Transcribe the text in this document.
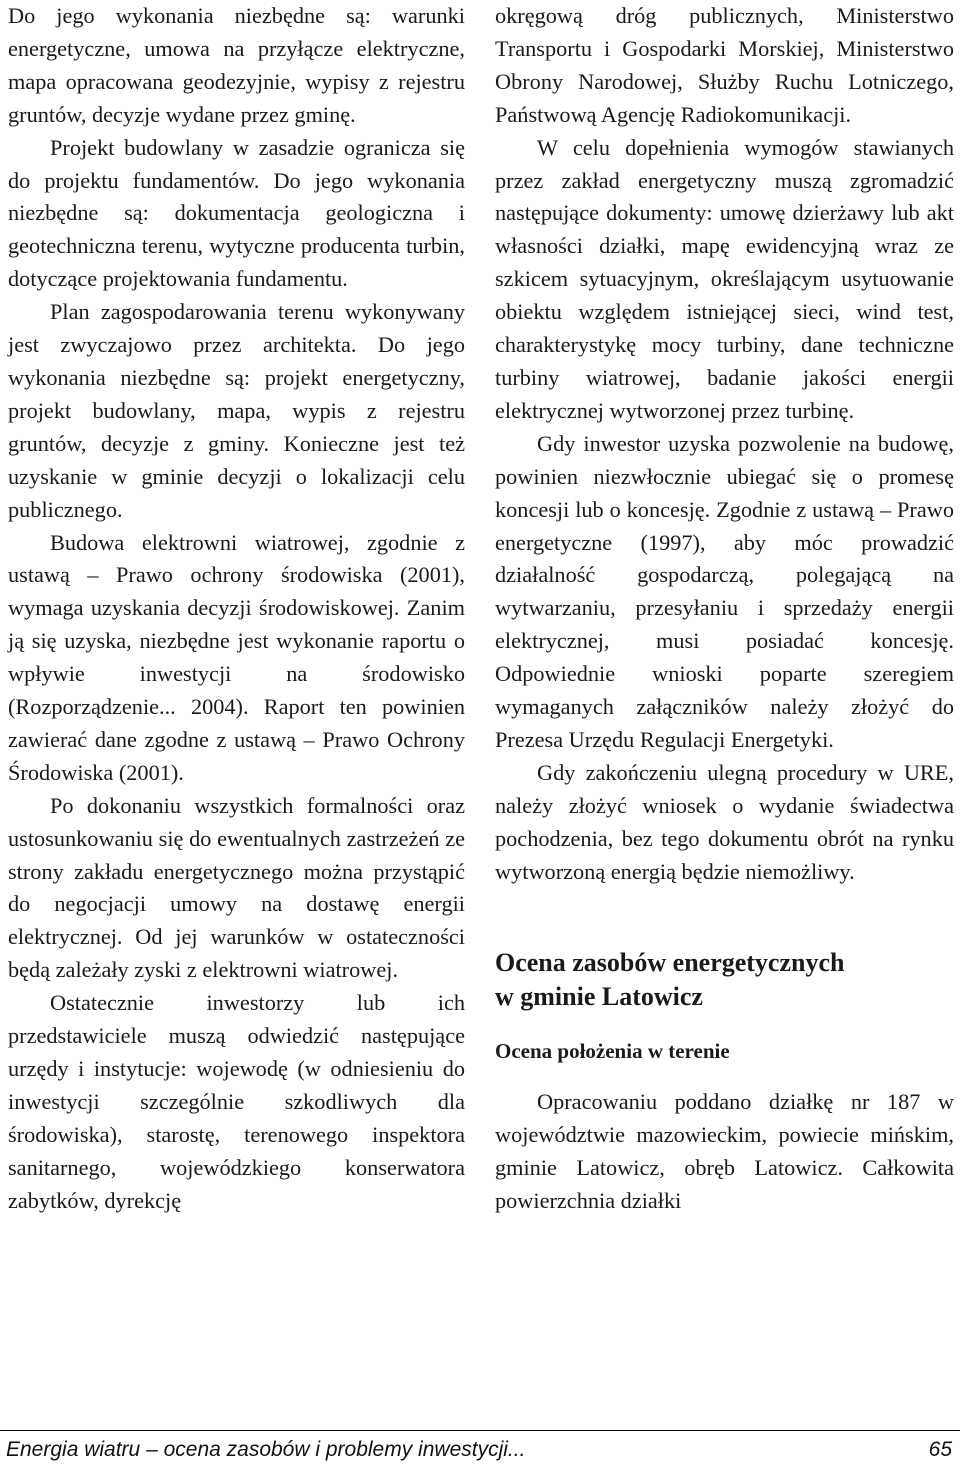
Do jego wykonania niezbędne są: warunki energetyczne, umowa na przyłącze elektryczne, mapa opracowana geodezyjnie, wypisy z rejestru gruntów, decyzje wydane przez gminę.

Projekt budowlany w zasadzie ogranicza się do projektu fundamentów. Do jego wykonania niezbędne są: dokumentacja geologiczna i geotechniczna terenu, wytyczne producenta turbin, dotyczące projektowania fundamentu.

Plan zagospodarowania terenu wykonywany jest zwyczajowo przez architekta. Do jego wykonania niezbędne są: projekt energetyczny, projekt budowlany, mapa, wypis z rejestru gruntów, decyzje z gminy. Konieczne jest też uzyskanie w gminie decyzji o lokalizacji celu publicznego.

Budowa elektrowni wiatrowej, zgodnie z ustawą – Prawo ochrony środowiska (2001), wymaga uzyskania decyzji środowiskowej. Zanim ją się uzyska, niezbędne jest wykonanie raportu o wpływie inwestycji na środowisko (Rozporządzenie... 2004). Raport ten powinien zawierać dane zgodne z ustawą – Prawo Ochrony Środowiska (2001).

Po dokonaniu wszystkich formalności oraz ustosunkowaniu się do ewentualnych zastrzeżeń ze strony zakładu energetycznego można przystąpić do negocjacji umowy na dostawę energii elektrycznej. Od jej warunków w ostateczności będą zależały zyski z elektrowni wiatrowej.

Ostatecznie inwestorzy lub ich przedstawiciele muszą odwiedzić następujące urzędy i instytucje: wojewodę (w odniesieniu do inwestycji szczególnie szkodliwych dla środowiska), starostę, terenowego inspektora sanitarnego, wojewódzkiego konserwatora zabytków, dyrekcję

okręgową dróg publicznych, Ministerstwo Transportu i Gospodarki Morskiej, Ministerstwo Obrony Narodowej, Służby Ruchu Lotniczego, Państwową Agencję Radiokomunikacji.

W celu dopełnienia wymogów stawianych przez zakład energetyczny muszą zgromadzić następujące dokumenty: umowę dzierżawy lub akt własności działki, mapę ewidencyjną wraz ze szkicem sytuacyjnym, określającym usytuowanie obiektu względem istniejącej sieci, wind test, charakterystykę mocy turbiny, dane techniczne turbiny wiatrowej, badanie jakości energii elektrycznej wytworzonej przez turbinę.

Gdy inwestor uzyska pozwolenie na budowę, powinien niezwłocznie ubiegać się o promesę koncesji lub o koncesję. Zgodnie z ustawą – Prawo energetyczne (1997), aby móc prowadzić działalność gospodarczą, polegającą na wytwarzaniu, przesyłaniu i sprzedaży energii elektrycznej, musi posiadać koncesję. Odpowiednie wnioski poparte szeregiem wymaganych załączników należy złożyć do Prezesa Urzędu Regulacji Energetyki.

Gdy zakończeniu ulegną procedury w URE, należy złożyć wniosek o wydanie świadectwa pochodzenia, bez tego dokumentu obrót na rynku wytworzoną energią będzie niemożliwy.

Ocena zasobów energetycznych
w gminie Latowicz
Ocena położenia w terenie

Opracowaniu poddano działkę nr 187 w województwie mazowieckim, powiecie mińskim, gminie Latowicz, obręb Latowicz. Całkowita powierzchnia działki

Energia wiatru – ocena zasobów i problemy inwestycji...	65
